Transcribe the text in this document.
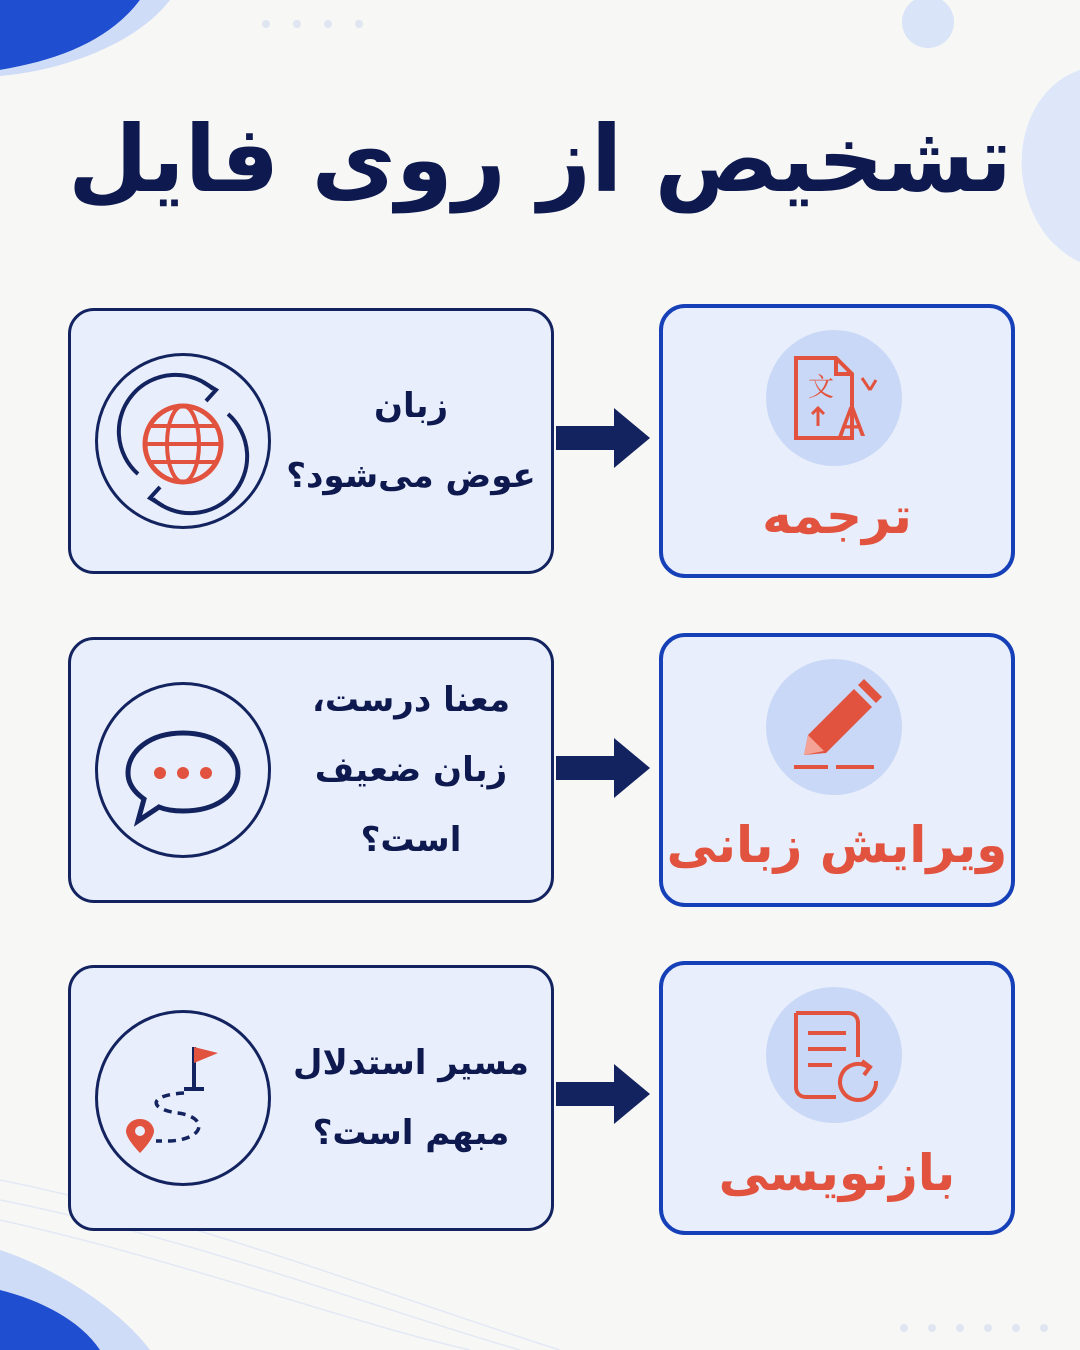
تشخیص از روی فایل
زبان
عوض می‌شود؟
文
A
ترجمه
معنا درست،
زبان ضعیف است؟	ویرایش زبانی
مسیر استدلال
مبهم است؟
بازنویسی
